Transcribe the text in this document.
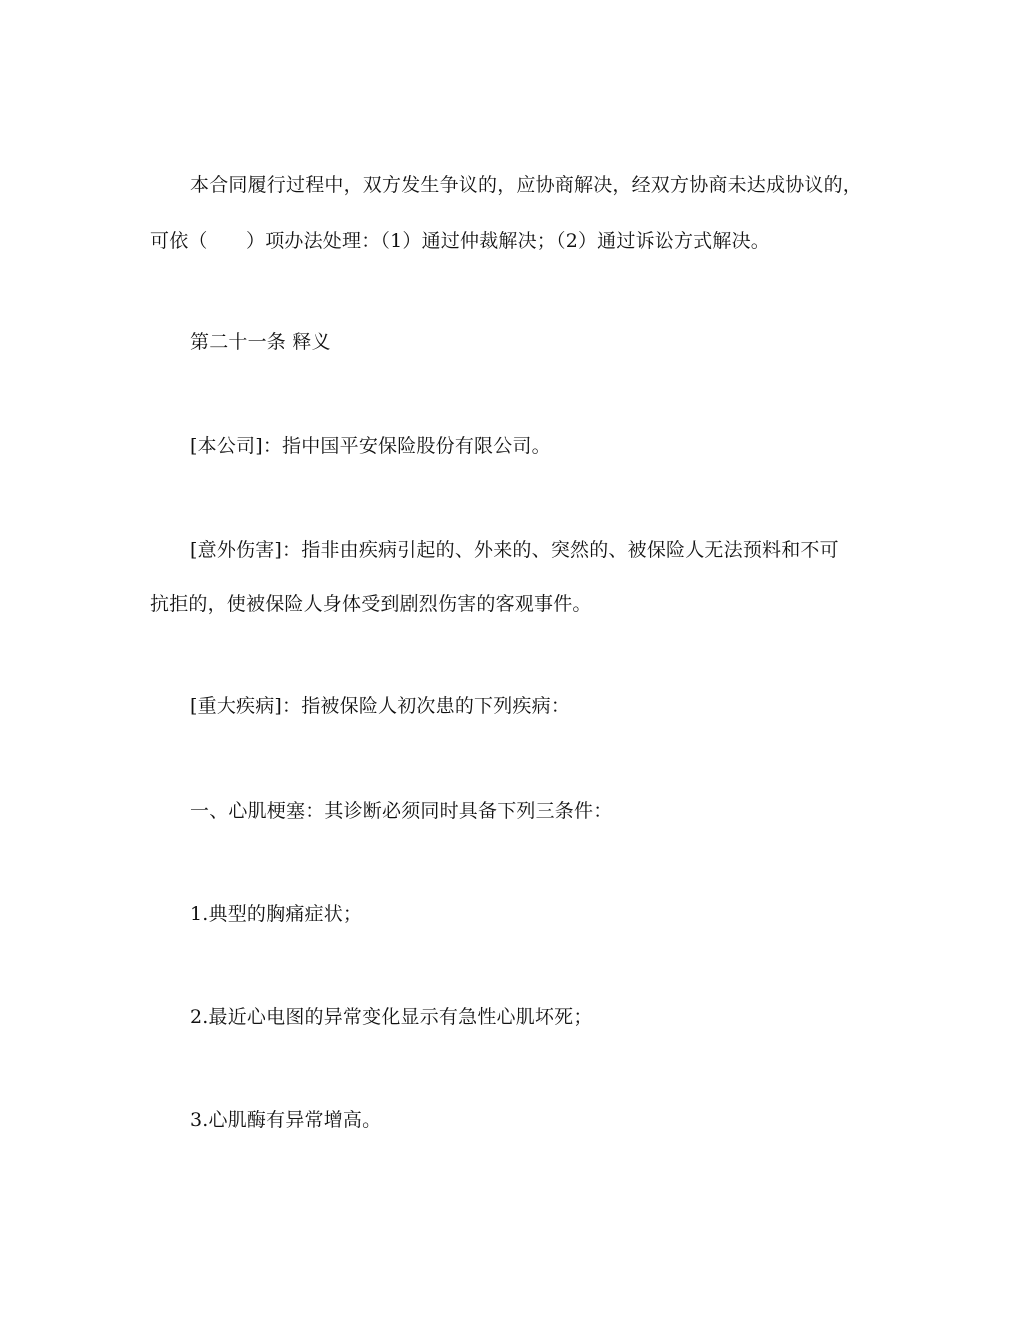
本合同履行过程中，双方发生争议的，应协商解决，经双方协商未达成协议的，

可依（　　）项办法处理：（1）通过仲裁解决；（2）通过诉讼方式解决。

第二十一条 释义

[本公司]：指中国平安保险股份有限公司。

[意外伤害]：指非由疾病引起的、外来的、突然的、被保险人无法预料和不可

抗拒的，使被保险人身体受到剧烈伤害的客观事件。

[重大疾病]：指被保险人初次患的下列疾病：

一、心肌梗塞：其诊断必须同时具备下列三条件：

1.典型的胸痛症状；

2.最近心电图的异常变化显示有急性心肌坏死；

3.心肌酶有异常增高。
